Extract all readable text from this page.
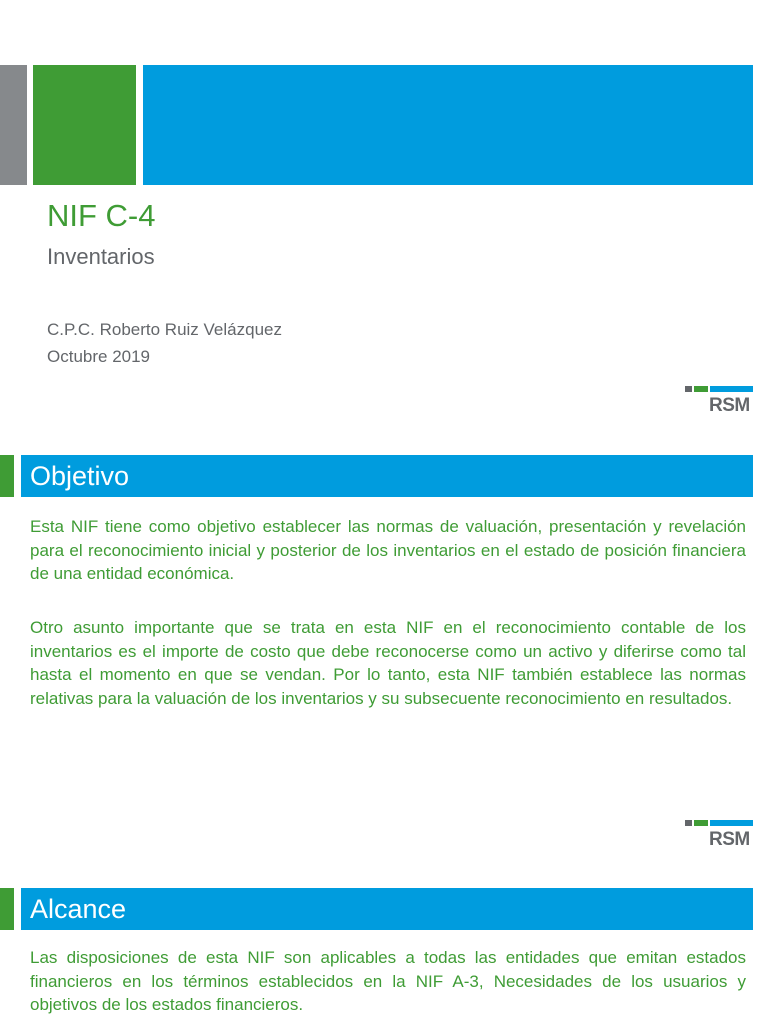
NIF C-4
Inventarios
C.P.C. Roberto Ruiz Velázquez
Octubre 2019
RSM
Objetivo

Esta NIF tiene como objetivo establecer las normas de valuación, presentación y revelación para el reconocimiento inicial y posterior de los inventarios en el estado de posición financiera de una entidad económica.

Otro asunto importante que se trata en esta NIF en el reconocimiento contable de los inventarios es el importe de costo que debe reconocerse como un activo y diferirse como tal hasta el momento en que se vendan. Por lo tanto, esta NIF también establece las normas relativas para la valuación de los inventarios y su subsecuente reconocimiento en resultados.

RSM
Alcance

Las disposiciones de esta NIF son aplicables a todas las entidades que emitan estados financieros en los términos establecidos en la NIF A-3, Necesidades de los usuarios y objetivos de los estados financieros.
